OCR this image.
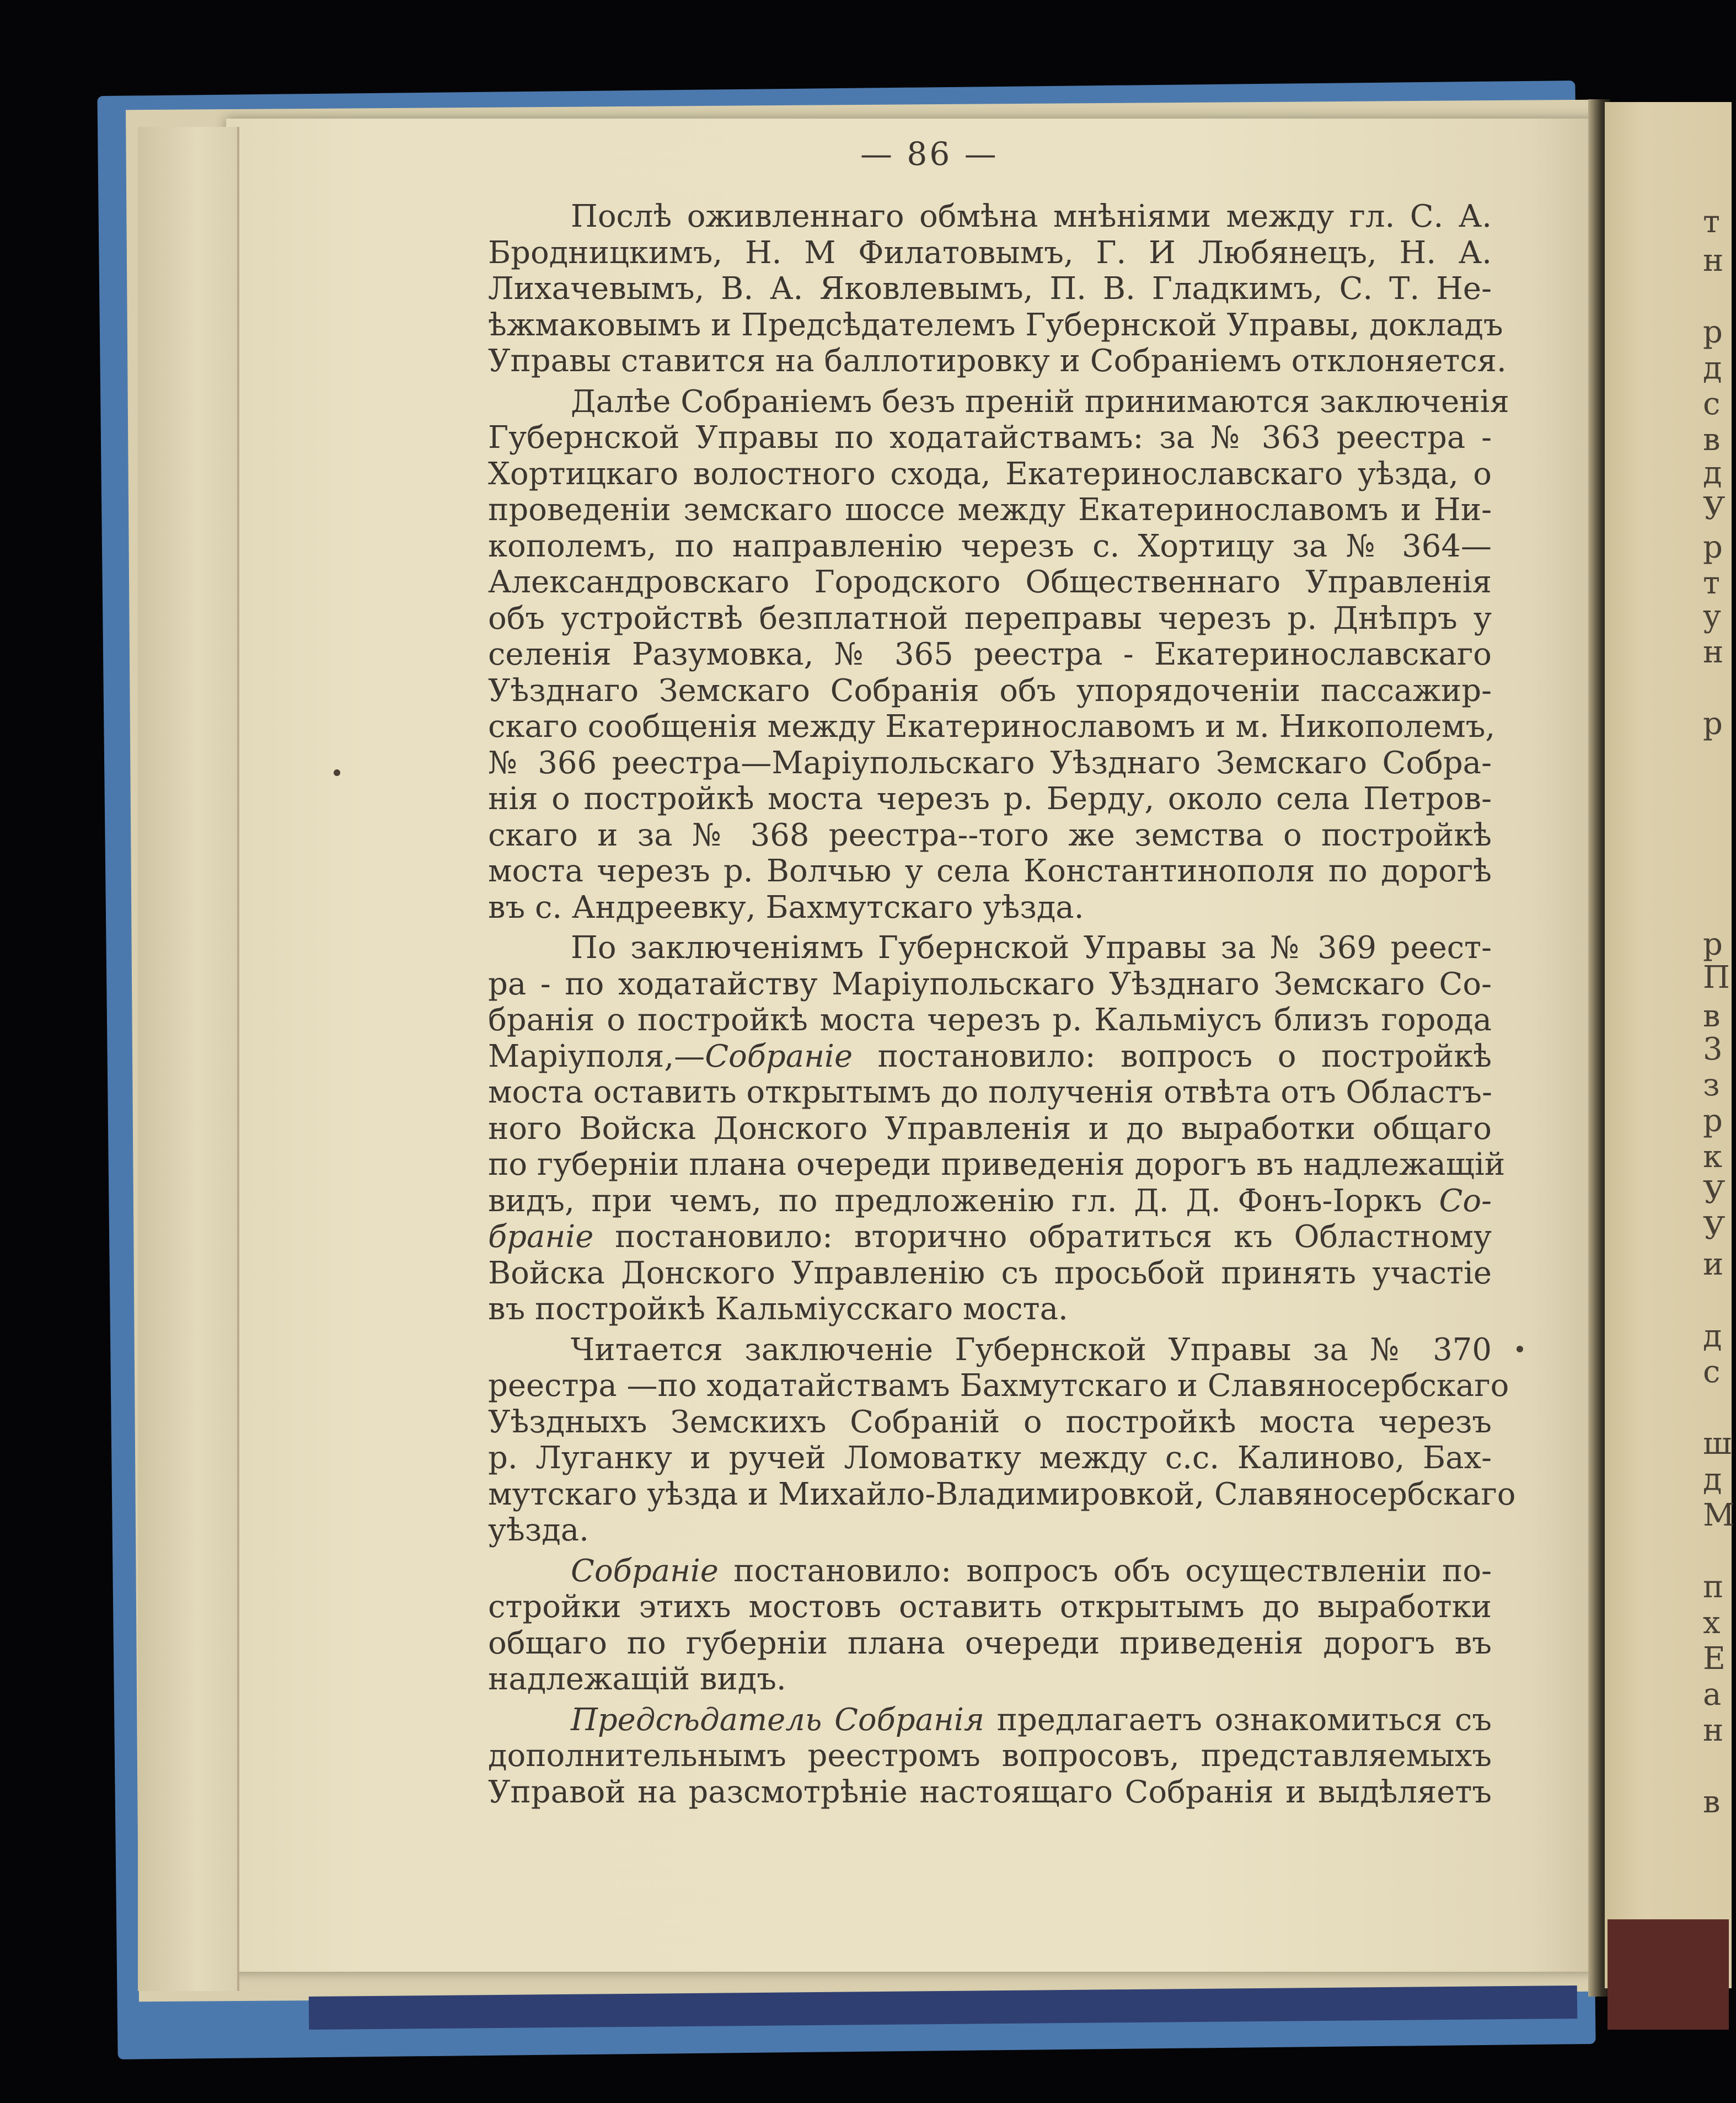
— 86 —
Послѣ оживленнаго обмѣна мнѣніями между гл. С. А.
Бродницкимъ, Н. М Филатовымъ, Г. И Любянецъ, Н. А.
Лихачевымъ, В. А. Яковлевымъ, П. В. Гладкимъ, С. Т. Не-
ѣжмаковымъ и Предсѣдателемъ Губернской Управы, докладъ
Управы ставится на баллотировку и Собраніемъ отклоняется.
Далѣе Собраніемъ безъ преній принимаются заключенія
Губернской Управы по ходатайствамъ: за № 363 реестра -
Хортицкаго волостного схода, Екатеринославскаго уѣзда, о
проведеніи земскаго шоссе между Екатеринославомъ и Ни-
кополемъ, по направленію черезъ с. Хортицу за № 364—
Александровскаго Городского Общественнаго Управленія
объ устройствѣ безплатной переправы черезъ р. Днѣпръ у
селенія Разумовка, № 365 реестра - Екатеринославскаго
Уѣзднаго Земскаго Собранія объ упорядоченіи пассажир-
скаго сообщенія между Екатеринославомъ и м. Никополемъ,
№ 366 реестра—Маріупольскаго Уѣзднаго Земскаго Собра-
нія о постройкѣ моста черезъ р. Берду, около села Петров-
скаго и за № 368 реестра--того же земства о постройкѣ
моста черезъ р. Волчью у села Константинополя по дорогѣ
въ с. Андреевку, Бахмутскаго уѣзда.
По заключеніямъ Губернской Управы за № 369 реест-
ра - по ходатайству Маріупольскаго Уѣзднаго Земскаго Со-
бранія о постройкѣ моста черезъ р. Кальміусъ близъ города
Маріуполя,—Собраніе постановило: вопросъ о постройкѣ
моста оставить открытымъ до полученія отвѣта отъ Областъ-
ного Войска Донского Управленія и до выработки общаго
по губерніи плана очереди приведенія дорогъ въ надлежащій
видъ, при чемъ, по предложенію гл. Д. Д. Фонъ-Іоркъ Со-
браніе постановило: вторично обратиться къ Областному
Войска Донского Управленію съ просьбой принять участіе
въ постройкѣ Кальміусскаго моста.
Читается заключеніе Губернской Управы за № 370
реестра —по ходатайствамъ Бахмутскаго и Славяносербскаго
Уѣздныхъ Земскихъ Собраній о постройкѣ моста черезъ
р. Луганку и ручей Ломоватку между с.с. Калиново, Бах-
мутскаго уѣзда и Михайло-Владимировкой, Славяносербскаго
уѣзда.
Собраніе постановило: вопросъ объ осуществленіи по-
стройки этихъ мостовъ оставить открытымъ до выработки
общаго по губерніи плана очереди приведенія дорогъ въ
надлежащій видъ.
Предсѣдатель Собранія предлагаетъ ознакомиться съ
дополнительнымъ реестромъ вопросовъ, представляемыхъ
Управой на разсмотрѣніе настоящаго Собранія и выдѣляетъ
т
н
р
д
с
в
д
У
р
т
у
н
р
р
П
в
3
з
р
к
У
У
и
д
с
ш
д
М
п
х
Е
а
н
в
